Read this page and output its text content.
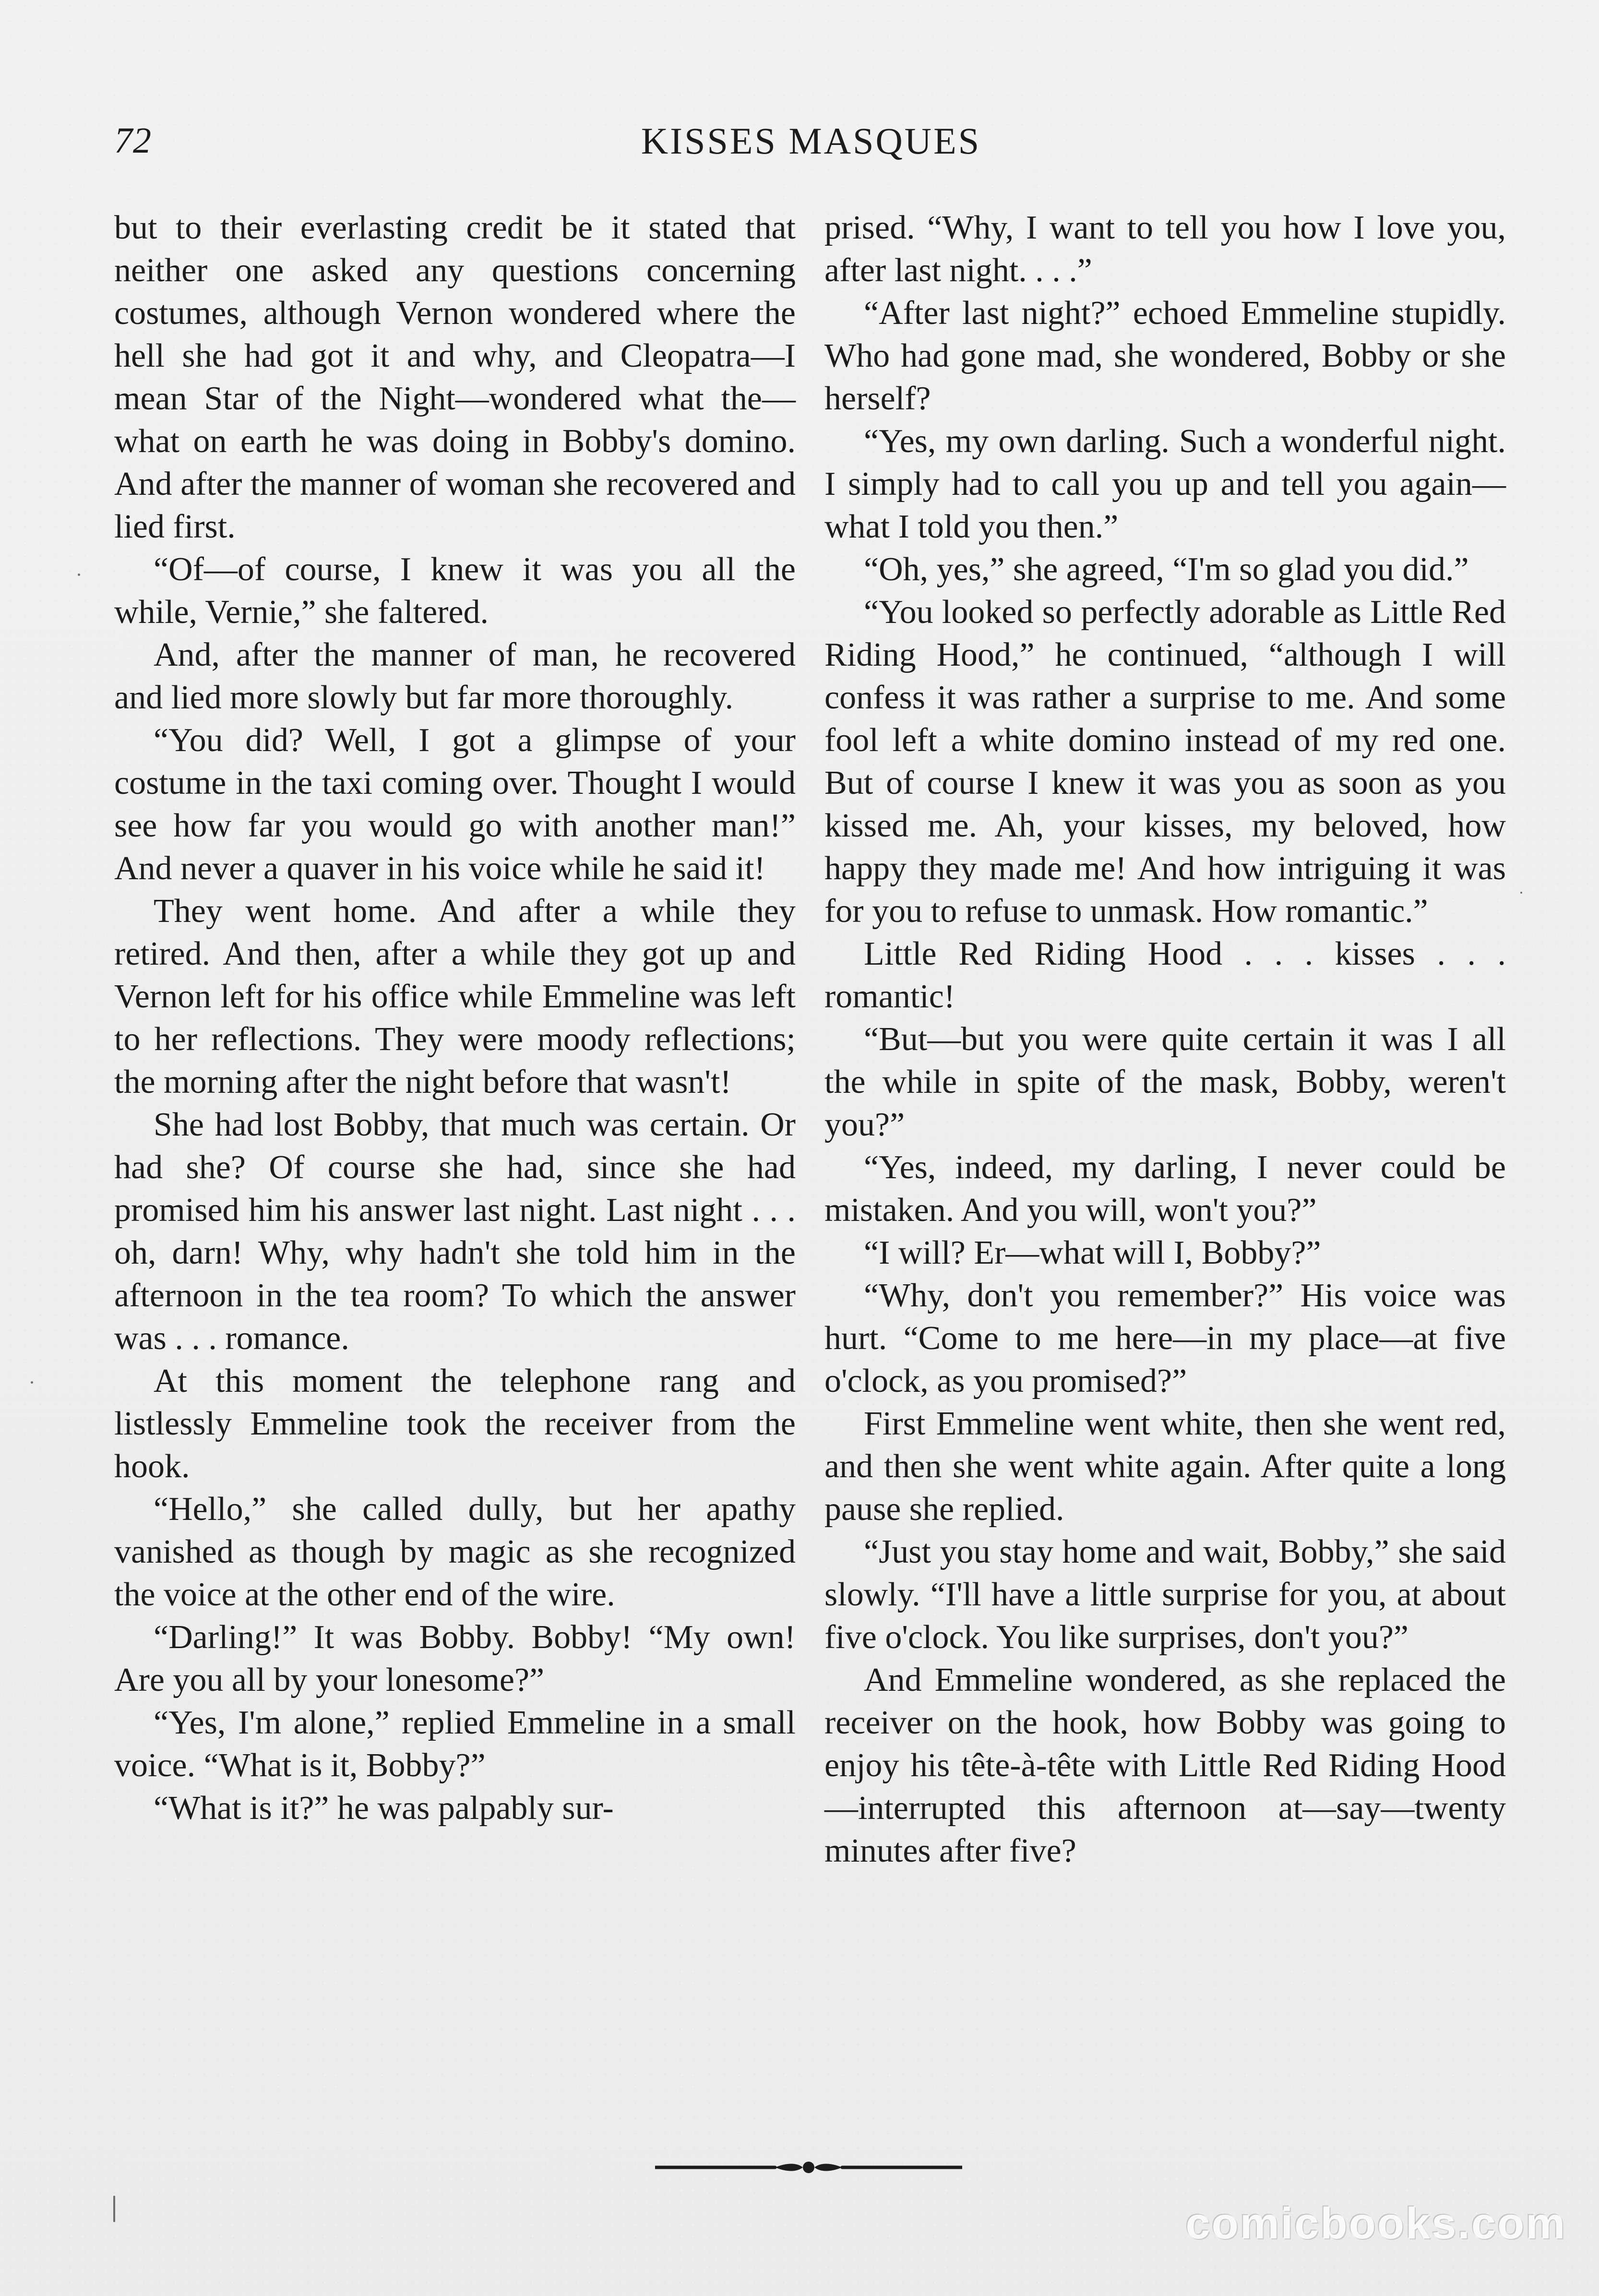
72	KISSES MASQUES

but to their everlasting credit be it stated that neither one asked any questions concerning costumes, although Vernon wondered where the hell she had got it and why, and Cleopatra—I mean Star of the Night—wondered what the—what on earth he was doing in Bobby's domino. And after the manner of woman she recovered and lied first.

“Of—of course, I knew it was you all the while, Vernie,” she faltered.

And, after the manner of man, he recovered and lied more slowly but far more thoroughly.

“You did? Well, I got a glimpse of your costume in the taxi coming over. Thought I would see how far you would go with another man!” And never a quaver in his voice while he said it!

They went home. And after a while they retired. And then, after a while they got up and Vernon left for his office while Emmeline was left to her reflections. They were moody reflections; the morning after the night before that wasn't!

She had lost Bobby, that much was certain. Or had she? Of course she had, since she had promised him his answer last night. Last night . . . oh, darn! Why, why hadn't she told him in the afternoon in the tea room? To which the answer was . . . romance.

At this moment the telephone rang and listlessly Emmeline took the receiver from the hook.

“Hello,” she called dully, but her apathy vanished as though by magic as she recognized the voice at the other end of the wire.

“Darling!” It was Bobby. Bobby! “My own! Are you all by your lonesome?”

“Yes, I'm alone,” replied Emmeline in a small voice. “What is it, Bobby?”

“What is it?” he was palpably sur-

prised. “Why, I want to tell you how I love you, after last night. . . .”

“After last night?” echoed Emmeline stupidly. Who had gone mad, she wondered, Bobby or she herself?

“Yes, my own darling. Such a wonderful night. I simply had to call you up and tell you again—what I told you then.”

“Oh, yes,” she agreed, “I'm so glad you did.”

“You looked so perfectly adorable as Little Red Riding Hood,” he continued, “although I will confess it was rather a surprise to me. And some fool left a white domino instead of my red one. But of course I knew it was you as soon as you kissed me. Ah, your kisses, my beloved, how happy they made me! And how intriguing it was for you to refuse to unmask. How romantic.”

Little Red Riding Hood . . . kisses . . . romantic!

“But—but you were quite certain it was I all the while in spite of the mask, Bobby, weren't you?”

“Yes, indeed, my darling, I never could be mistaken. And you will, won't you?”

“I will? Er—what will I, Bobby?”

“Why, don't you remember?” His voice was hurt. “Come to me here—in my place—at five o'clock, as you promised?”

First Emmeline went white, then she went red, and then she went white again. After quite a long pause she replied.

“Just you stay home and wait, Bobby,” she said slowly. “I'll have a little surprise for you, at about five o'clock. You like surprises, don't you?”

And Emmeline wondered, as she replaced the receiver on the hook, how Bobby was going to enjoy his tête-à-tête with Little Red Riding Hood—interrupted this afternoon at—say—twenty minutes after five?

comicbooks.com
